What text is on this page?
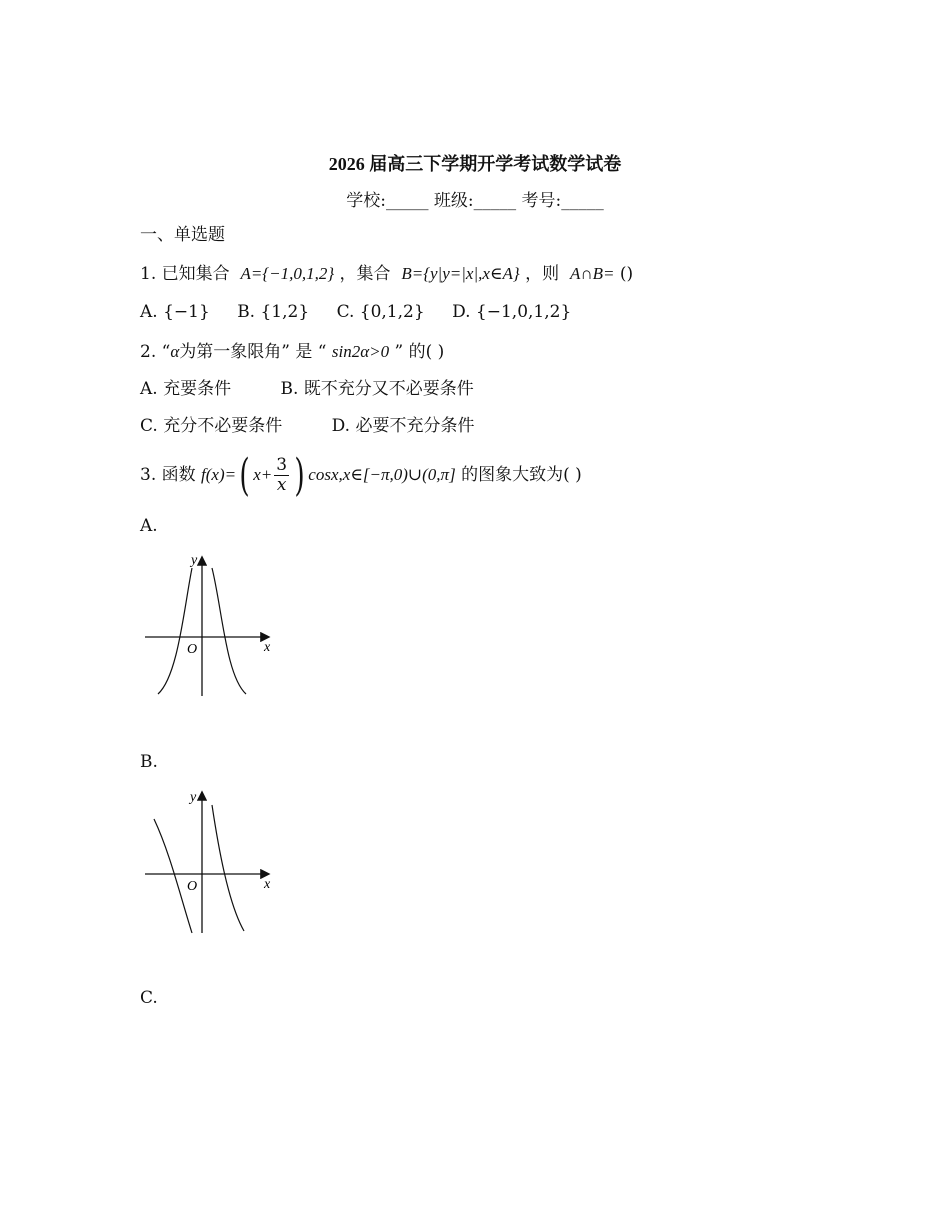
2026 届高三下学期开学考试数学试卷
学校:_____ 班级:_____ 考号:_____
一、单选题
1. 已知集合 A={−1,0,1,2} ，集合 B={y|y=|x|,x∈A} ，则 A∩B= ()
A. {−1} B. {1,2} C. {0,1,2} D. {−1,0,1,2}
2. “α为第一象限角” 是 “ sin2α>0 ” 的( )
A. 充要条件	B. 既不充分又不必要条件
C. 充分不必要条件	D. 必要不充分条件
3. 函数 f(x)=( $x+ \frac{3}{x}$ ) cosx,x∈[−π,0)∪(0,π] 的图象大致为( )
A.
x
y
O
B.
x
y
O
C.
